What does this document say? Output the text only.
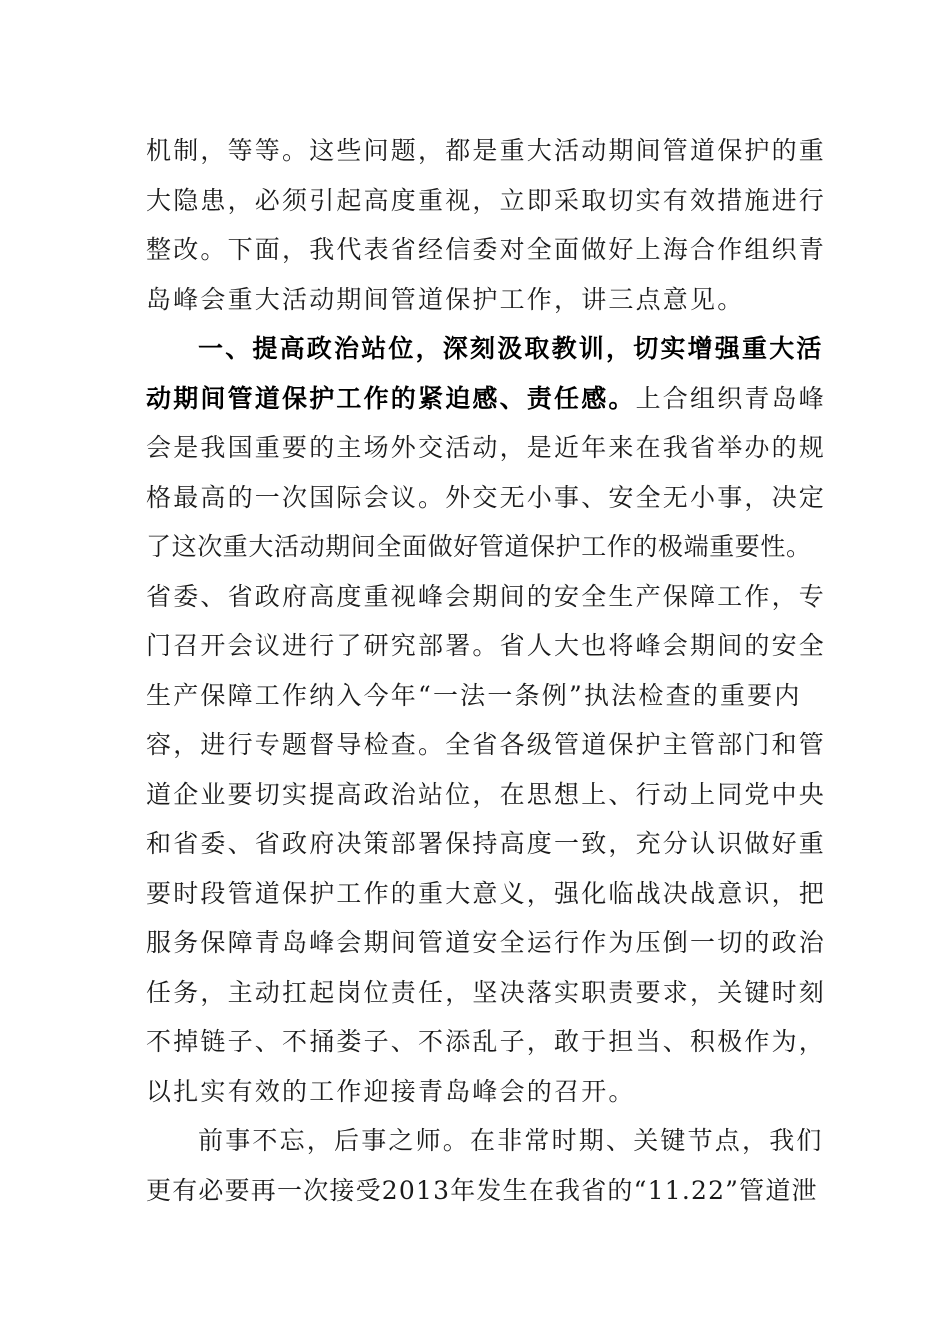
机制，等等。这些问题，都是重大活动期间管道保护的重
大隐患，必须引起高度重视，立即采取切实有效措施进行
整改。下面，我代表省经信委对全面做好上海合作组织青
岛峰会重大活动期间管道保护工作，讲三点意见。
一、提高政治站位，深刻汲取教训，切实增强重大活
动期间管道保护工作的紧迫感、责任感。上合组织青岛峰
会是我国重要的主场外交活动，是近年来在我省举办的规
格最高的一次国际会议。外交无小事、安全无小事，决定
了这次重大活动期间全面做好管道保护工作的极端重要性。
省委、省政府高度重视峰会期间的安全生产保障工作，专
门召开会议进行了研究部署。省人大也将峰会期间的安全
生产保障工作纳入今年“一法一条例”执法检查的重要内
容，进行专题督导检查。全省各级管道保护主管部门和管
道企业要切实提高政治站位，在思想上、行动上同党中央
和省委、省政府决策部署保持高度一致，充分认识做好重
要时段管道保护工作的重大意义，强化临战决战意识，把
服务保障青岛峰会期间管道安全运行作为压倒一切的政治
任务，主动扛起岗位责任，坚决落实职责要求，关键时刻
不掉链子、不捅娄子、不添乱子，敢于担当、积极作为，
以扎实有效的工作迎接青岛峰会的召开。
前事不忘，后事之师。在非常时期、关键节点，我们
更有必要再一次接受2013年发生在我省的“11.22”管道泄
